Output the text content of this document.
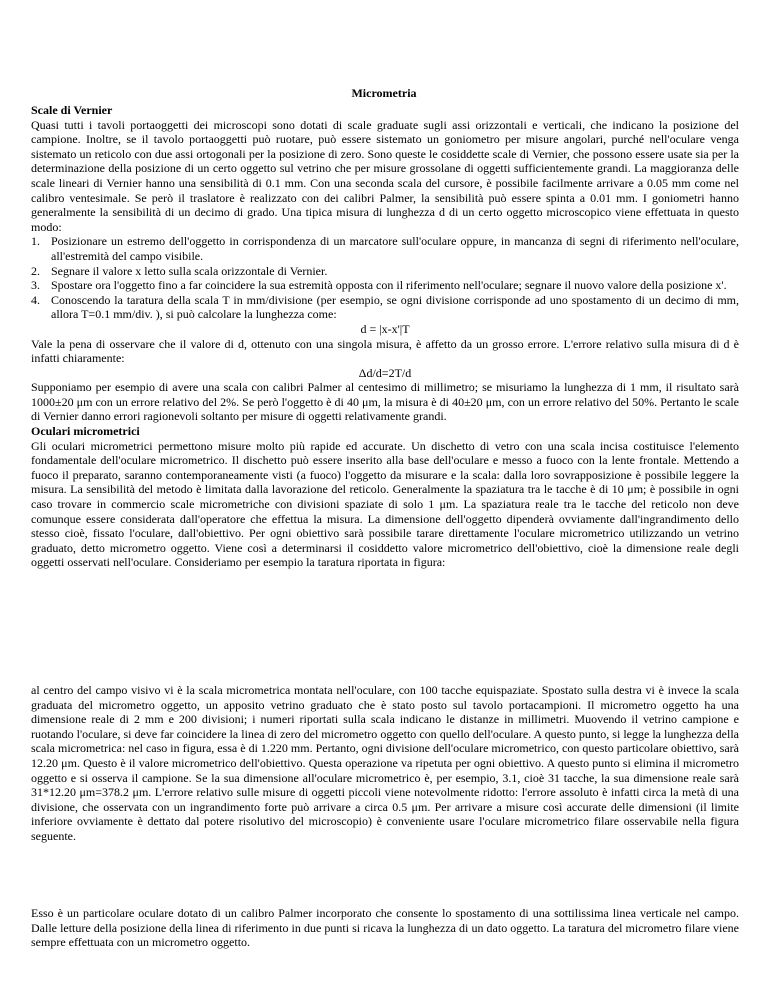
Micrometria

Scale di Vernier

Quasi tutti i tavoli portaoggetti dei microscopi sono dotati di scale graduate sugli assi orizzontali e verticali, che indicano la posizione del campione. Inoltre, se il tavolo portaoggetti può ruotare, può essere sistemato un goniometro per misure angolari, purché nell'oculare venga sistemato un reticolo con due assi ortogonali per la posizione di zero. Sono queste le cosiddette scale di Vernier, che possono essere usate sia per la determinazione della posizione di un certo oggetto sul vetrino che per misure grossolane di oggetti sufficientemente grandi. La maggioranza delle scale lineari di Vernier hanno una sensibilità di 0.1 mm. Con una seconda scala del cursore, è possibile facilmente arrivare a 0.05 mm come nel calibro ventesimale. Se però il traslatore è realizzato con dei calibri Palmer, la sensibilità può essere spinta a 0.01 mm. I goniometri hanno generalmente la sensibilità di un decimo di grado. Una tipica misura di lunghezza d di un certo oggetto microscopico viene effettuata in questo modo:

1. Posizionare un estremo dell'oggetto in corrispondenza di un marcatore sull'oculare oppure, in mancanza di segni di riferimento nell'oculare, all'estremità del campo visibile.
2. Segnare il valore x letto sulla scala orizzontale di Vernier.
3. Spostare ora l'oggetto fino a far coincidere la sua estremità opposta con il riferimento nell'oculare; segnare il nuovo valore della posizione x'.
4. Conoscendo la taratura della scala T in mm/divisione (per esempio, se ogni divisione corrisponde ad uno spostamento di un decimo di mm, allora T=0.1 mm/div. ), si può calcolare la lunghezza come:

d = |x-x'|T

Vale la pena di osservare che il valore di d, ottenuto con una singola misura, è affetto da un grosso errore. L'errore relativo sulla misura di d è infatti chiaramente:

Δd/d=2T/d

Supponiamo per esempio di avere una scala con calibri Palmer al centesimo di millimetro; se misuriamo la lunghezza di 1 mm, il risultato sarà 1000±20 μm con un errore relativo del 2%. Se però l'oggetto è di 40 μm, la misura è di 40±20 μm, con un errore relativo del 50%. Pertanto le scale di Vernier danno errori ragionevoli soltanto per misure di oggetti relativamente grandi.

Oculari micrometrici

Gli oculari micrometrici permettono misure molto più rapide ed accurate. Un dischetto di vetro con una scala incisa costituisce l'elemento fondamentale dell'oculare micrometrico. Il dischetto può essere inserito alla base dell'oculare e messo a fuoco con la lente frontale. Mettendo a fuoco il preparato, saranno contemporaneamente visti (a fuoco) l'oggetto da misurare e la scala: dalla loro sovrapposizione è possibile leggere la misura. La sensibilità del metodo è limitata dalla lavorazione del reticolo. Generalmente la spaziatura tra le tacche è di 10 μm; è possibile in ogni caso trovare in commercio scale micrometriche con divisioni spaziate di solo 1 μm. La spaziatura reale tra le tacche del reticolo non deve comunque essere considerata dall'operatore che effettua la misura. La dimensione dell'oggetto dipenderà ovviamente dall'ingrandimento dello stesso cioè, fissato l'oculare, dall'obiettivo. Per ogni obiettivo sarà possibile tarare direttamente l'oculare micrometrico utilizzando un vetrino graduato, detto micrometro oggetto. Viene così a determinarsi il cosiddetto valore micrometrico dell'obiettivo, cioè la dimensione reale degli oggetti osservati nell'oculare. Consideriamo per esempio la taratura riportata in figura:

al centro del campo visivo vi è la scala micrometrica montata nell'oculare, con 100 tacche equispaziate. Spostato sulla destra vi è invece la scala graduata del micrometro oggetto, un apposito vetrino graduato che è stato posto sul tavolo portacampioni. Il micrometro oggetto ha una dimensione reale di 2 mm e 200 divisioni; i numeri riportati sulla scala indicano le distanze in millimetri. Muovendo il vetrino campione e ruotando l'oculare, si deve far coincidere la linea di zero del micrometro oggetto con quello dell'oculare. A questo punto, si legge la lunghezza della scala micrometrica: nel caso in figura, essa è di 1.220 mm. Pertanto, ogni divisione dell'oculare micrometrico, con questo particolare obiettivo, sarà 12.20 μm. Questo è il valore micrometrico dell'obiettivo. Questa operazione va ripetuta per ogni obiettivo. A questo punto si elimina il micrometro oggetto e si osserva il campione. Se la sua dimensione all'oculare micrometrico è, per esempio, 3.1, cioè 31 tacche, la sua dimensione reale sarà 31*12.20 μm=378.2 μm. L'errore relativo sulle misure di oggetti piccoli viene notevolmente ridotto: l'errore assoluto è infatti circa la metà di una divisione, che osservata con un ingrandimento forte può arrivare a circa 0.5 μm. Per arrivare a misure così accurate delle dimensioni (il limite inferiore ovviamente è dettato dal potere risolutivo del microscopio) è conveniente usare l'oculare micrometrico filare osservabile nella figura seguente.

Esso è un particolare oculare dotato di un calibro Palmer incorporato che consente lo spostamento di una sottilissima linea verticale nel campo. Dalle letture della posizione della linea di riferimento in due punti si ricava la lunghezza di un dato oggetto. La taratura del micrometro filare viene sempre effettuata con un micrometro oggetto.
